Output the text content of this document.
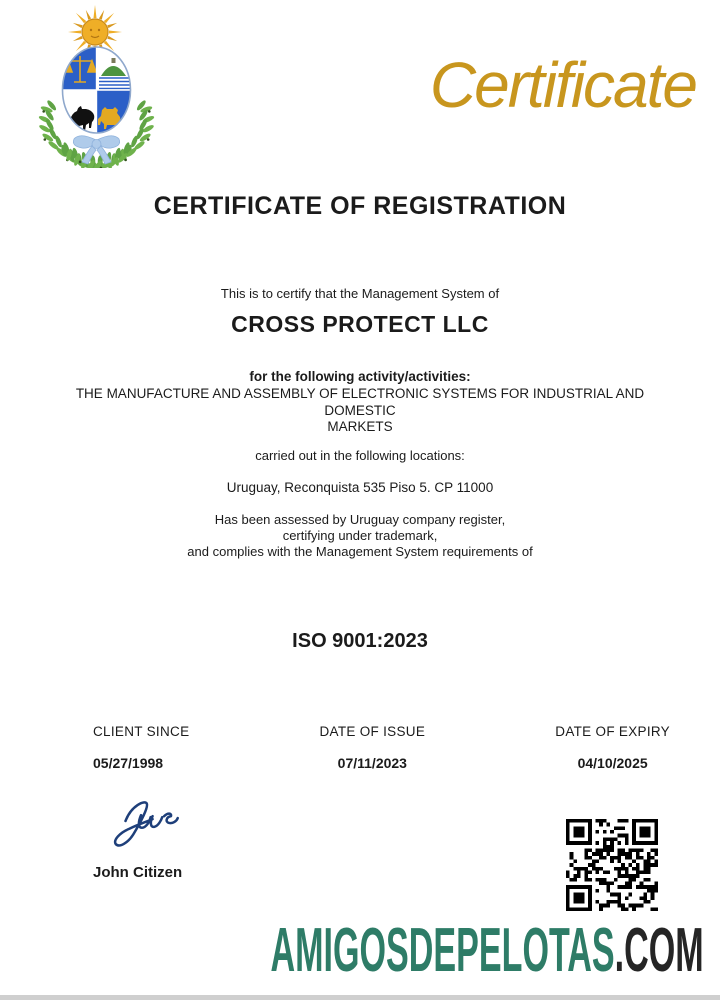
Certificate
CERTIFICATE OF REGISTRATION
This is to certify that the Management System of
CROSS PROTECT LLC
for the following activity/activities:
THE MANUFACTURE AND ASSEMBLY OF ELECTRONIC SYSTEMS FOR INDUSTRIAL AND
DOMESTIC
MARKETS
carried out in the following locations:
Uruguay, Reconquista 535 Piso 5. CP 11000
Has been assessed by Uruguay company register,
certifying under trademark,
and complies with the Management System requirements of
ISO 9001:2023
CLIENT SINCE
05/27/1998
DATE OF ISSUE
07/11/2023
DATE OF EXPIRY
04/10/2025
John Citizen
AMIGOSDEPELOTAS.COM
